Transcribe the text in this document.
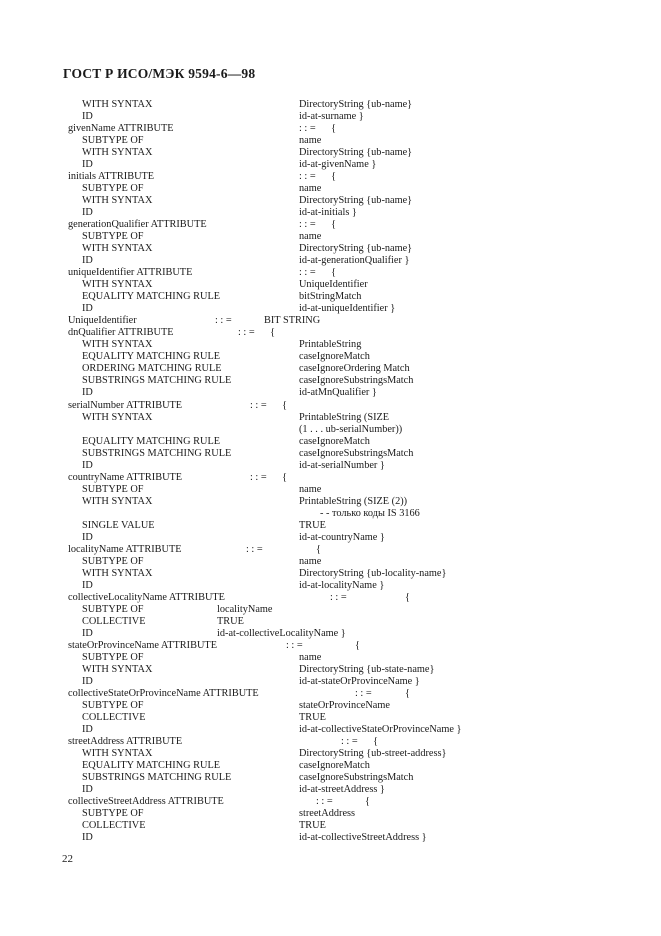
ГОСТ Р ИСО/МЭК 9594-6—98
WITH SYNTAX	DirectoryString {ub-name}
ID	id-at-surname }
givenName ATTRIBUTE	: : =      {
SUBTYPE OF	name
WITH SYNTAX	DirectoryString {ub-name}
ID	id-at-givenName }
initials ATTRIBUTE	: : =      {
SUBTYPE OF	name
WITH SYNTAX	DirectoryString {ub-name}
ID	id-at-initials }
generationQualifier ATTRIBUTE	: : =      {
SUBTYPE OF	name
WITH SYNTAX	DirectoryString {ub-name}
ID	id-at-generationQualifier }
uniqueIdentifier ATTRIBUTE	: : =      {
WITH SYNTAX	UniqueIdentifier
EQUALITY MATCHING RULE	bitStringMatch
ID	id-at-uniqueIdentifier }
UniqueIdentifier	: : =	BIT STRING
dnQualifier ATTRIBUTE	: : =      {
WITH SYNTAX	PrintableString
EQUALITY MATCHING RULE	caseIgnoreMatch
ORDERING MATCHING RULE	caseIgnoreOrdering Match
SUBSTRINGS MATCHING RULE	caseIgnoreSubstringsMatch
ID	id-atMnQualifier }
serialNumber ATTRIBUTE	: : =      {
WITH SYNTAX	PrintableString (SIZE
(1 . . . ub-serialNumber))
EQUALITY MATCHING RULE	caseIgnoreMatch
SUBSTRINGS MATCHING RULE	caseIgnoreSubstringsMatch
ID	id-at-serialNumber }
countryName ATTRIBUTE	: : =      {
SUBTYPE OF	name
WITH SYNTAX	PrintableString (SIZE (2))
- - только коды IS 3166
SINGLE VALUE	TRUE
ID	id-at-countryName }
localityName ATTRIBUTE	: : =	{
SUBTYPE OF	name
WITH SYNTAX	DirectoryString {ub-locality-name}
ID	id-at-localityName }
collectiveLocalityName ATTRIBUTE	: : =	{
SUBTYPE OF	localityName
COLLECTIVE	TRUE
ID	id-at-collectiveLocalityName }
stateOrProvinceName ATTRIBUTE	: : =	{
SUBTYPE OF	name
WITH SYNTAX	DirectoryString {ub-state-name}
ID	id-at-stateOrProvinceName }
collectiveStateOrProvinceName ATTRIBUTE	: : =	{
SUBTYPE OF	stateOrProvinceName
COLLECTIVE	TRUE
ID	id-at-collectiveStateOrProvinceName }
streetAddress ATTRIBUTE	: : =      {
WITH SYNTAX	DirectoryString {ub-street-address}
EQUALITY MATCHING RULE	caseIgnoreMatch
SUBSTRINGS MATCHING RULE	caseIgnoreSubstringsMatch
ID	id-at-streetAddress }
collectiveStreetAddress ATTRIBUTE	: : =	{
SUBTYPE OF	streetAddress
COLLECTIVE	TRUE
ID	id-at-collectiveStreetAddress }
22
